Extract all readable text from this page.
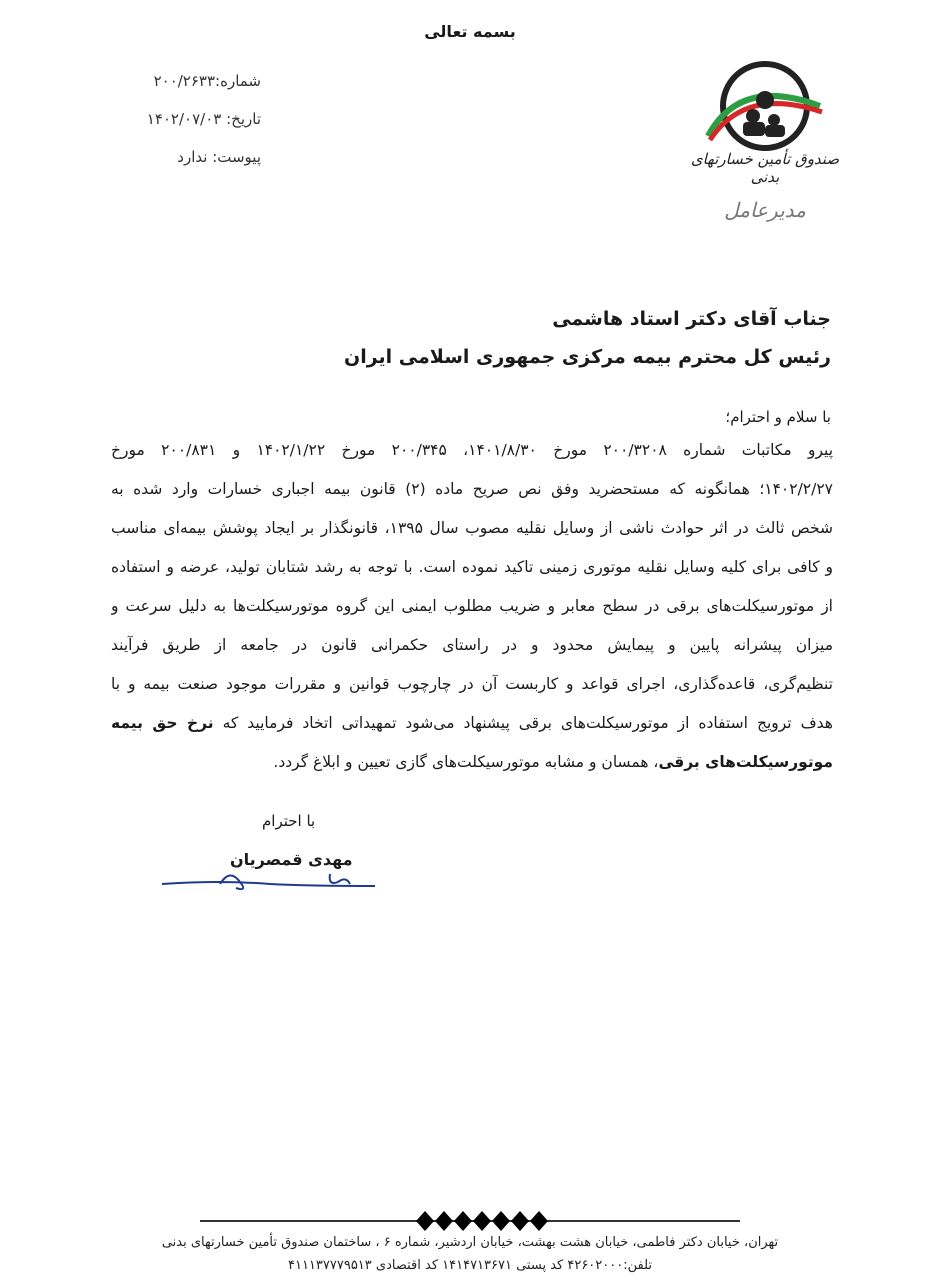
بسمه تعالی
شماره:۲۰۰/۲۶۳۳
تاریخ: ۱۴۰۲/۰۷/۰۳
پیوست: ندارد	صندوق تأمین خسارتهای بدنی
مدیرعامل
جناب آقای دکتر استاد هاشمی
رئیس کل محترم بیمه مرکزی جمهوری اسلامی ایران
با سلام و احترام؛
پیرو مکاتبات شماره ۲۰۰/۳۲۰۸ مورخ ۱۴۰۱/۸/۳۰، ۲۰۰/۳۴۵ مورخ ۱۴۰۲/۱/۲۲ و ۲۰۰/۸۳۱ مورخ
۱۴۰۲/۲/۲۷؛ همانگونه که مستحضرید وفق نص صریح ماده (۲) قانون بیمه اجباری خسارات وارد شده به
شخص ثالث در اثر حوادث ناشی از وسایل نقلیه مصوب سال ۱۳۹۵، قانونگذار بر ایجاد پوشش بیمه‌ای مناسب
و کافی برای کلیه وسایل نقلیه موتوری زمینی تاکید نموده است. با توجه به رشد شتابان تولید، عرضه و استفاده
از موتورسیکلت‌های برقی در سطح معابر و ضریب مطلوب ایمنی این گروه موتورسیکلت‌ها به دلیل سرعت و
میزان پیشرانه پایین و پیمایش محدود و در راستای حکمرانی قانون در جامعه از طریق فرآیند
تنظیم‌گری، قاعده‌گذاری، اجرای قواعد و کاربست آن در چارچوب قوانین و مقررات موجود صنعت بیمه و با
هدف ترویج استفاده از موتورسیکلت‌های برقی پیشنهاد می‌شود تمهیداتی اتخاد فرمایید که نرخ حق بیمه
موتورسیکلت‌های برقی، همسان و مشابه موتورسیکلت‌های گازی تعیین و ابلاغ گردد.
با احترام
مهدی قمصریان
تهران، خیابان دکتر فاطمی، خیابان هشت بهشت، خیابان اردشیر، شماره ۶ ، ساختمان صندوق تأمین خسارتهای بدنی
تلفن:۴۲۶۰۲۰۰۰ کد پستی ۱۴۱۴۷۱۳۶۷۱ کد اقتصادی ۴۱۱۱۳۷۷۷۹۵۱۳
